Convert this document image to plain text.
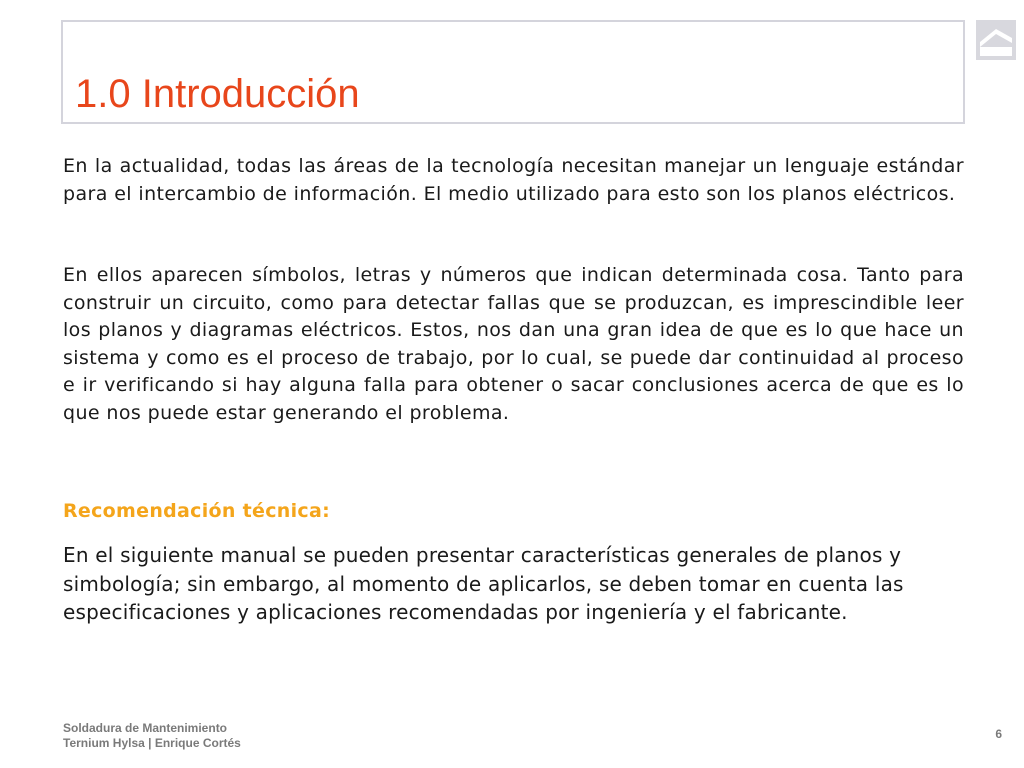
1.0 Introducción

En la actualidad, todas las áreas de la tecnología necesitan manejar un lenguaje estándar para el intercambio de información. El medio utilizado para esto son los planos eléctricos.

En ellos aparecen símbolos, letras y números que indican determinada cosa. Tanto para construir un circuito, como para detectar fallas que se produzcan, es imprescindible leer los planos y diagramas eléctricos. Estos, nos dan una gran idea de que es lo que hace un sistema y como es el proceso de trabajo, por lo cual, se puede dar continuidad al proceso e ir verificando si hay alguna falla para obtener o sacar conclusiones acerca de que es lo que nos puede estar generando el problema.

Recomendación técnica:

En el siguiente manual se pueden presentar características generales de planos y simbología; sin embargo, al momento de aplicarlos, se deben tomar en cuenta las especificaciones y aplicaciones recomendadas por ingeniería y el fabricante.

Soldadura de Mantenimiento
Ternium Hylsa | Enrique Cortés
6
